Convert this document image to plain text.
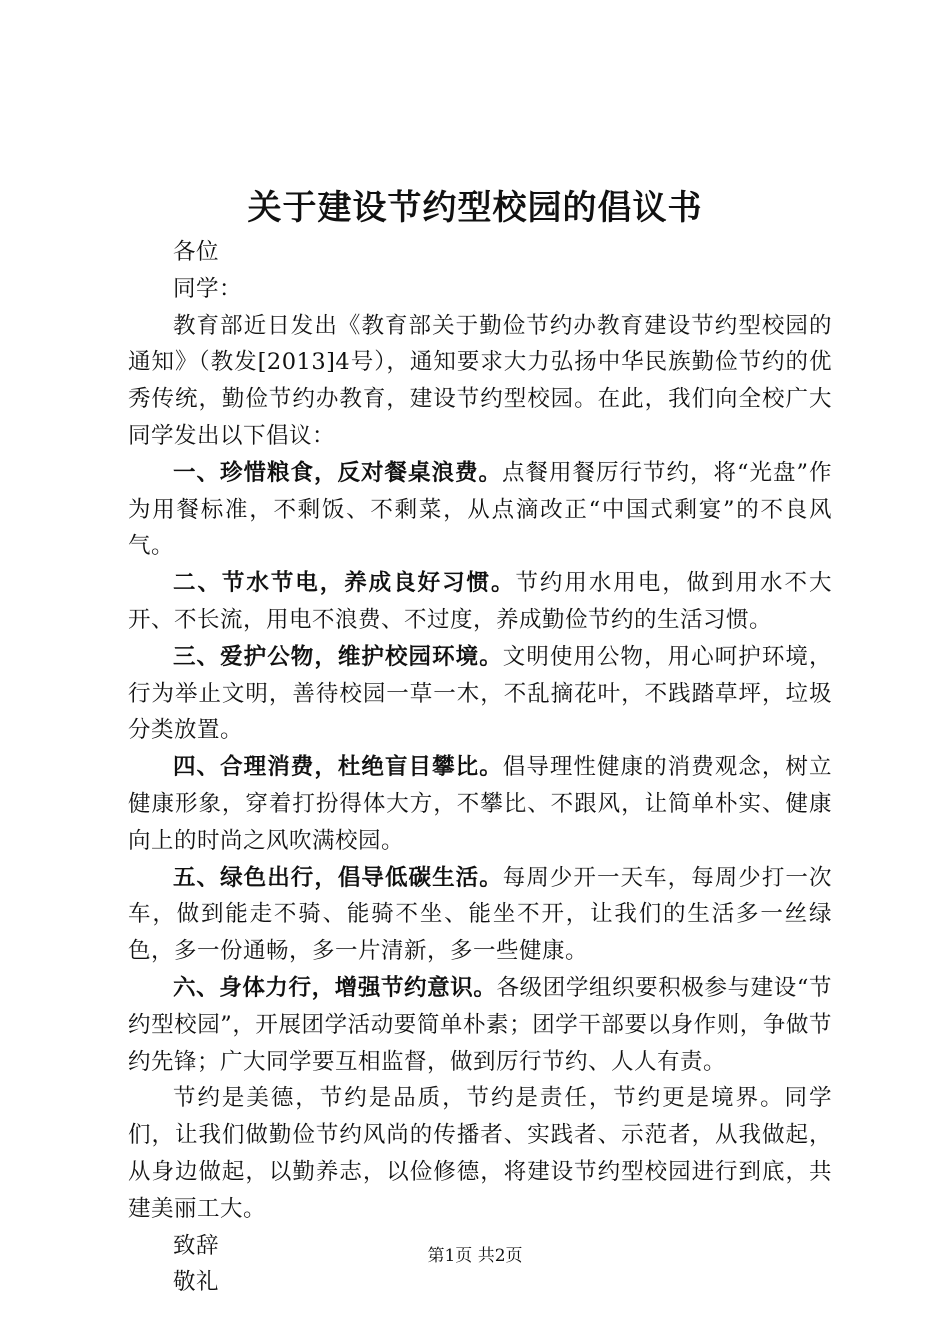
关于建设节约型校园的倡议书

各位

同学：

教育部近日发出《教育部关于勤俭节约办教育建设节约型校园的通知》（教发[2013]4号），通知要求大力弘扬中华民族勤俭节约的优秀传统，勤俭节约办教育，建设节约型校园。在此，我们向全校广大同学发出以下倡议：

一、珍惜粮食，反对餐桌浪费。点餐用餐厉行节约，将“光盘”作为用餐标准，不剩饭、不剩菜，从点滴改正“中国式剩宴”的不良风气。

二、节水节电，养成良好习惯。节约用水用电，做到用水不大开、不长流，用电不浪费、不过度，养成勤俭节约的生活习惯。

三、爱护公物，维护校园环境。文明使用公物，用心呵护环境，行为举止文明，善待校园一草一木，不乱摘花叶，不践踏草坪，垃圾分类放置。

四、合理消费，杜绝盲目攀比。倡导理性健康的消费观念，树立健康形象，穿着打扮得体大方，不攀比、不跟风，让简单朴实、健康向上的时尚之风吹满校园。

五、绿色出行，倡导低碳生活。每周少开一天车，每周少打一次车，做到能走不骑、能骑不坐、能坐不开，让我们的生活多一丝绿色，多一份通畅，多一片清新，多一些健康。

六、身体力行，增强节约意识。各级团学组织要积极参与建设“节约型校园”，开展团学活动要简单朴素；团学干部要以身作则，争做节约先锋；广大同学要互相监督，做到厉行节约、人人有责。

节约是美德，节约是品质，节约是责任，节约更是境界。同学们，让我们做勤俭节约风尚的传播者、实践者、示范者，从我做起，从身边做起，以勤养志，以俭修德，将建设节约型校园进行到底，共建美丽工大。

致辞

敬礼

第1页 共2页
